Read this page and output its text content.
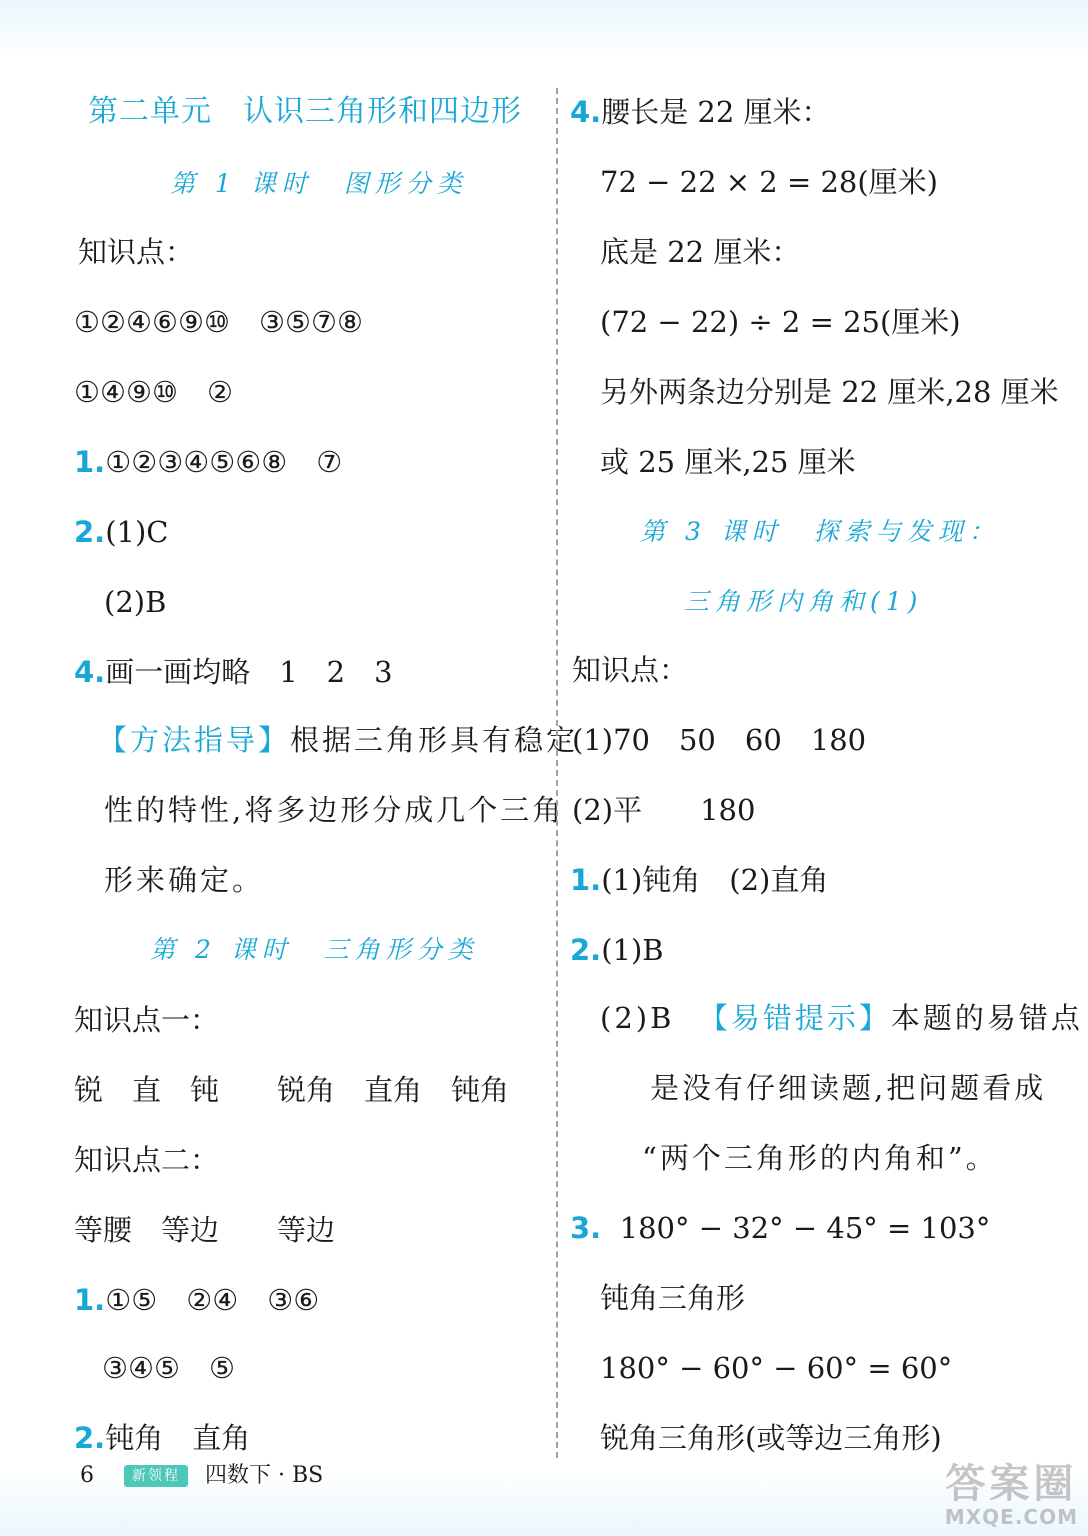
第二单元　认识三角形和四边形
第 1 课时　图形分类
知识点：
①②④⑥⑨⑩　③⑤⑦⑧
①④⑨⑩　②
1.①②③④⑤⑥⑧　⑦
2.(1)C
(2)B
4.画一画均略　1　2　3
【方法指导】根据三角形具有稳定
性的特性,将多边形分成几个三角
形来确定。
第 2 课时　三角形分类
知识点一：
锐　直　钝　　锐角　直角　钝角
知识点二：
等腰　等边　　等边
1.①⑤　②④　③⑥
③④⑤　⑤
2.钝角　直角
4.腰长是 22 厘米：
72 − 22 × 2 = 28(厘米)
底是 22 厘米：
(72 − 22) ÷ 2 = 25(厘米)
另外两条边分别是 22 厘米,28 厘米
或 25 厘米,25 厘米
第 3 课时　探索与发现：
三角形内角和(1)
知识点：
(1)70　50　60　180
(2)平　　180
1.(1)钝角　(2)直角
2.(1)B
(2)B 【易错提示】本题的易错点
是没有仔细读题,把问题看成
“两个三角形的内角和”。
3. 180° − 32° − 45° = 103°
钝角三角形
180° − 60° − 60° = 60°
锐角三角形(或等边三角形)
6	新领程 四数下 · BS	答案圈
MXQE.COM
